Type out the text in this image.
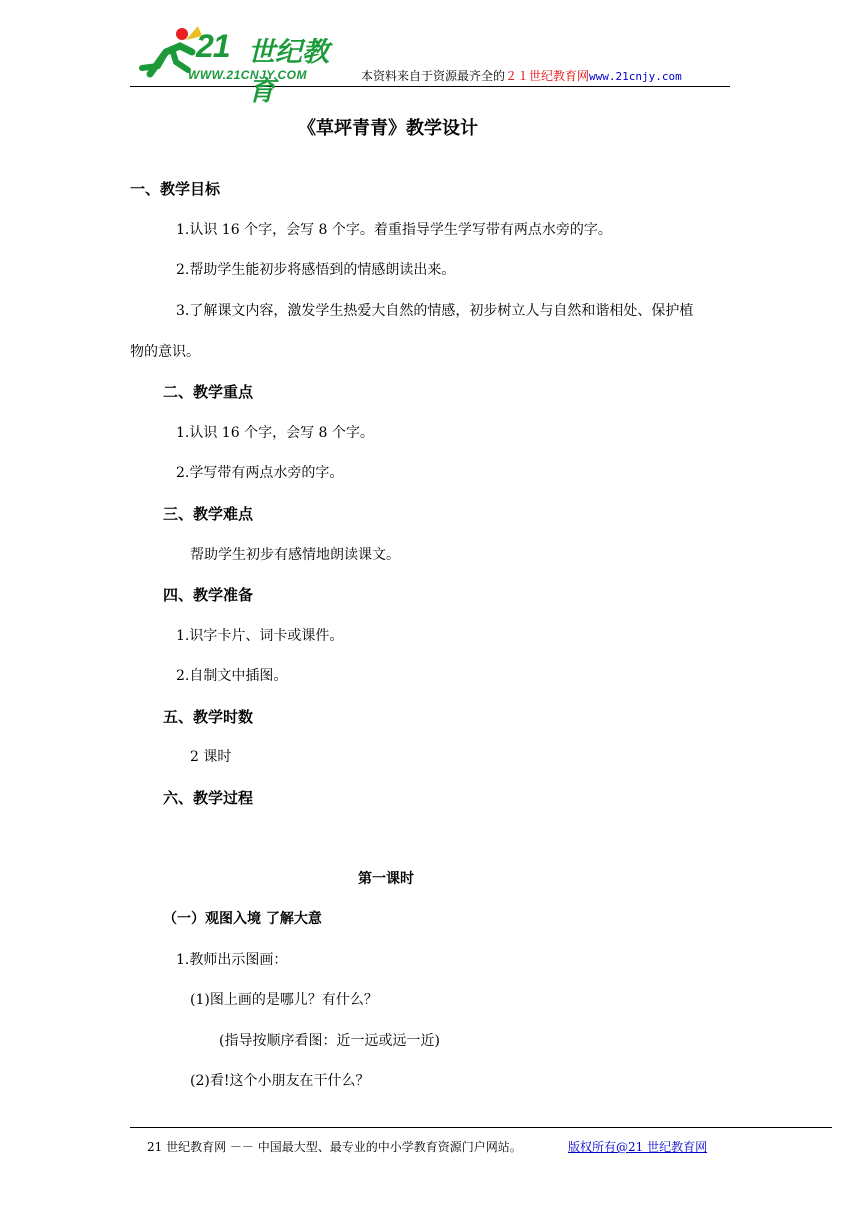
21 世纪教育
WWW.21CNJY.COM	本资料来自于资源最齐全的２１世纪教育网www.21cnjy.com
《草坪青青》教学设计
一、教学目标
1.认识 16 个字，会写 8 个字。着重指导学生学写带有两点水旁的字。
2.帮助学生能初步将感悟到的情感朗读出来。
3.了解课文内容，激发学生热爱大自然的情感，初步树立人与自然和谐相处、保护植
物的意识。
二、教学重点
1.认识 16 个字，会写 8 个字。
2.学写带有两点水旁的字。
三、教学难点
帮助学生初步有感情地朗读课文。
四、教学准备
1.识字卡片、词卡或课件。
2.自制文中插图。
五、教学时数
2 课时
六、教学过程
第一课时
（一）观图入境 了解大意
1.教师出示图画：
(1)图上画的是哪儿？有什么？
(指导按顺序看图：近一远或远一近)
(2)看!这个小朋友在干什么？
21 世纪教育网 －－ 中国最大型、最专业的中小学教育资源门户网站。	版权所有@21 世纪教育网
